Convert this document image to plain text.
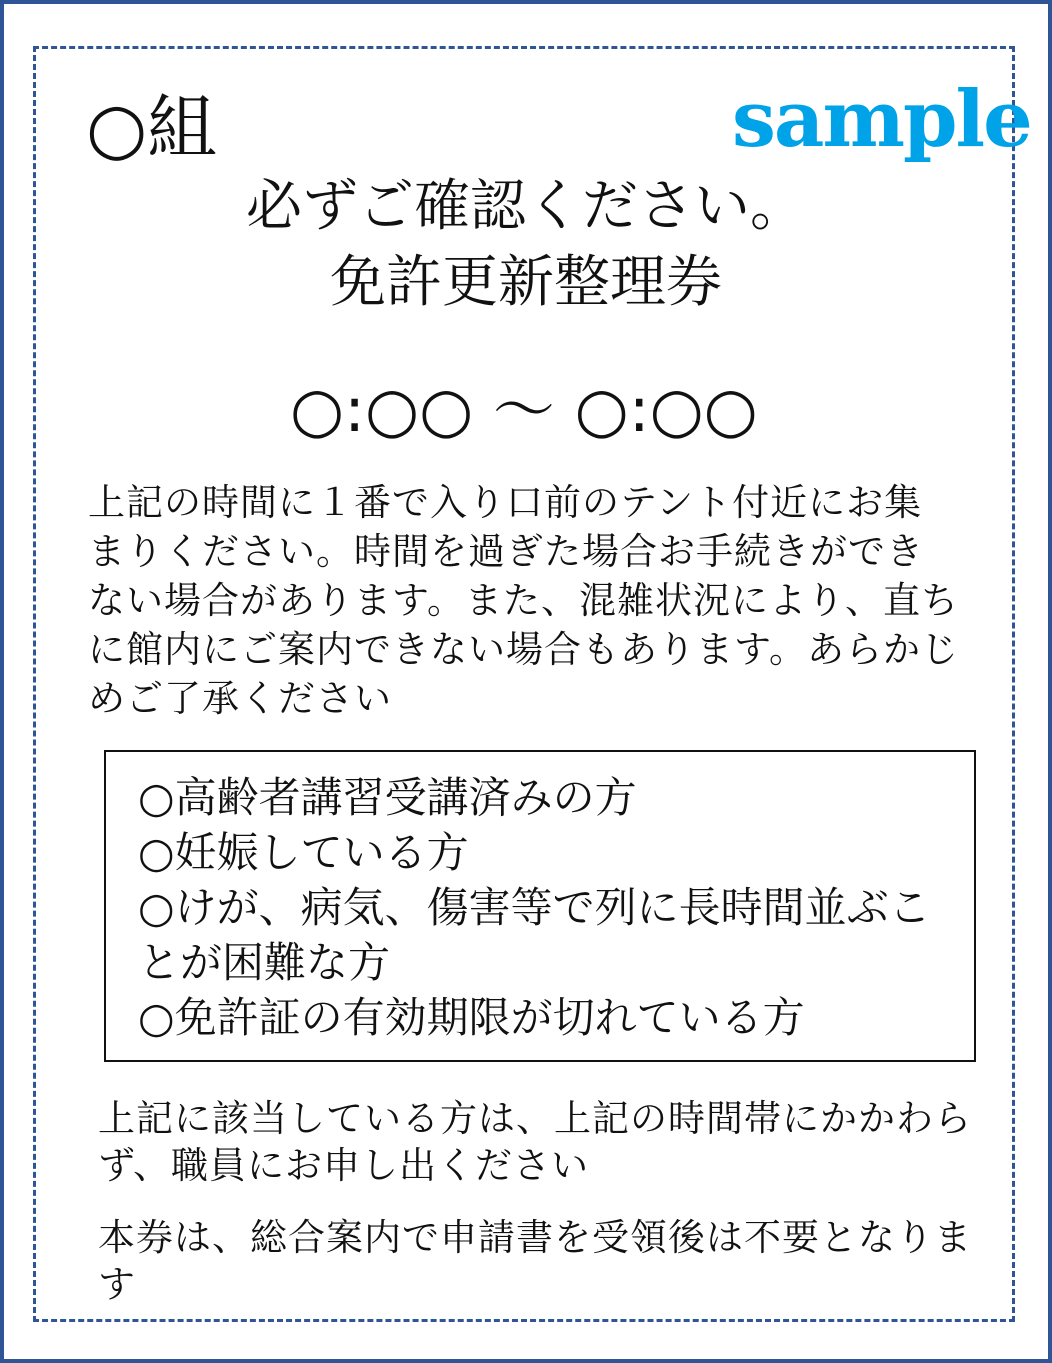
○組	sample
必ずご確認ください。
免許更新整理券
○:○○ ～ ○:○○
上記の時間に１番で入り口前のテント付近にお集まりください。時間を過ぎた場合お手続きができない場合があります。また、混雑状況により、直ちに館内にご案内できない場合もあります。あらかじめご了承ください
○高齢者講習受講済みの方
○妊娠している方
○けが、病気、傷害等で列に長時間並ぶことが困難な方
○免許証の有効期限が切れている方
上記に該当している方は、上記の時間帯にかかわらず、職員にお申し出ください
本券は、総合案内で申請書を受領後は不要となります
